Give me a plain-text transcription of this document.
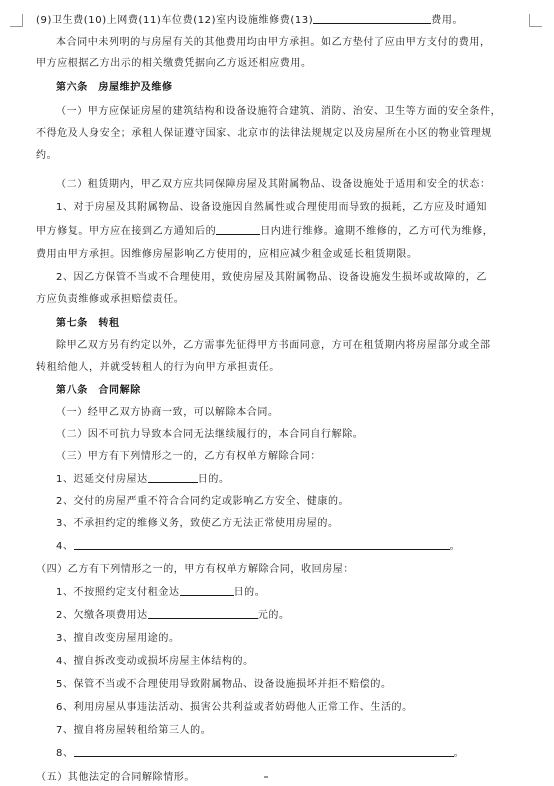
(9)卫生费(10)上网费(11)车位费(12)室内设施维修费(13)	费用。
本合同中未列明的与房屋有关的其他费用均由甲方承担。如乙方垫付了应由甲方支付的费用，
甲方应根据乙方出示的相关缴费凭据向乙方返还相应费用。
第六条　房屋维护及维修
（一）甲方应保证房屋的建筑结构和设备设施符合建筑、消防、治安、卫生等方面的安全条件，
不得危及人身安全；承租人保证遵守国家、北京市的法律法规规定以及房屋所在小区的物业管理规
约。
（二）租赁期内，甲乙双方应共同保障房屋及其附属物品、设备设施处于适用和安全的状态：
1、对于房屋及其附属物品、设备设施因自然属性或合理使用而导致的损耗，乙方应及时通知
甲方修复。甲方应在接到乙方通知后的	日内进行维修。逾期不维修的，乙方可代为维修，
费用由甲方承担。因维修房屋影响乙方使用的，应相应减少租金或延长租赁期限。
2、因乙方保管不当或不合理使用，致使房屋及其附属物品、设备设施发生损坏或故障的，乙
方应负责维修或承担赔偿责任。
第七条　转租
除甲乙双方另有约定以外，乙方需事先征得甲方书面同意，方可在租赁期内将房屋部分或全部
转租给他人，并就受转租人的行为向甲方承担责任。
第八条　合同解除
（一）经甲乙双方协商一致，可以解除本合同。
（二）因不可抗力导致本合同无法继续履行的，本合同自行解除。
（三）甲方有下列情形之一的，乙方有权单方解除合同：
1、迟延交付房屋达	日的。
2、交付的房屋严重不符合合同约定或影响乙方安全、健康的。
3、不承担约定的维修义务，致使乙方无法正常使用房屋的。
4、	。
（四）乙方有下列情形之一的，甲方有权单方解除合同，收回房屋：
1、不按照约定支付租金达	日的。
2、欠缴各项费用达	元的。
3、擅自改变房屋用途的。
4、擅自拆改变动或损坏房屋主体结构的。
5、保管不当或不合理使用导致附属物品、设备设施损坏并拒不赔偿的。
6、利用房屋从事违法活动、损害公共利益或者妨碍他人正常工作、生活的。
7、擅自将房屋转租给第三人的。
8、	。
（五）其他法定的合同解除情形。
